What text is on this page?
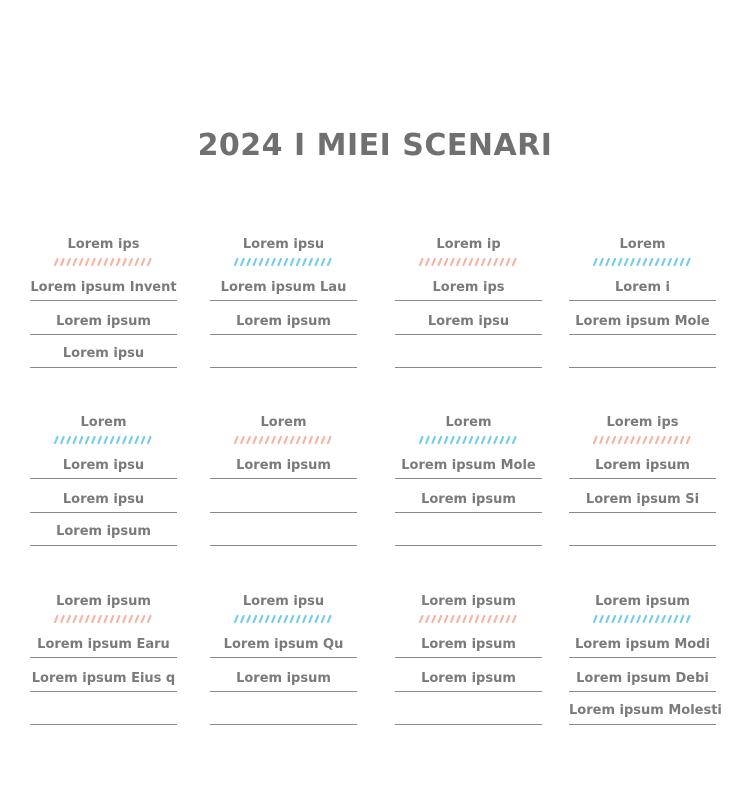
2024 I MIEI SCENARI
Lorem ips
Lorem ipsum Invent
Lorem ipsum
Lorem ipsu
Lorem ipsu
Lorem ipsum Lau
Lorem ipsum
Lorem ip
Lorem ips
Lorem ipsu
Lorem
Lorem i
Lorem ipsum Mole
Lorem
Lorem ipsu
Lorem ipsu
Lorem ipsum
Lorem
Lorem ipsum
Lorem
Lorem ipsum Mole
Lorem ipsum
Lorem ips
Lorem ipsum
Lorem ipsum Si
Lorem ipsum
Lorem ipsum Earu
Lorem ipsum Eius q
Lorem ipsu
Lorem ipsum Qu
Lorem ipsum
Lorem ipsum
Lorem ipsum
Lorem ipsum
Lorem ipsum
Lorem ipsum Modi
Lorem ipsum Debi
Lorem ipsum Molesti
